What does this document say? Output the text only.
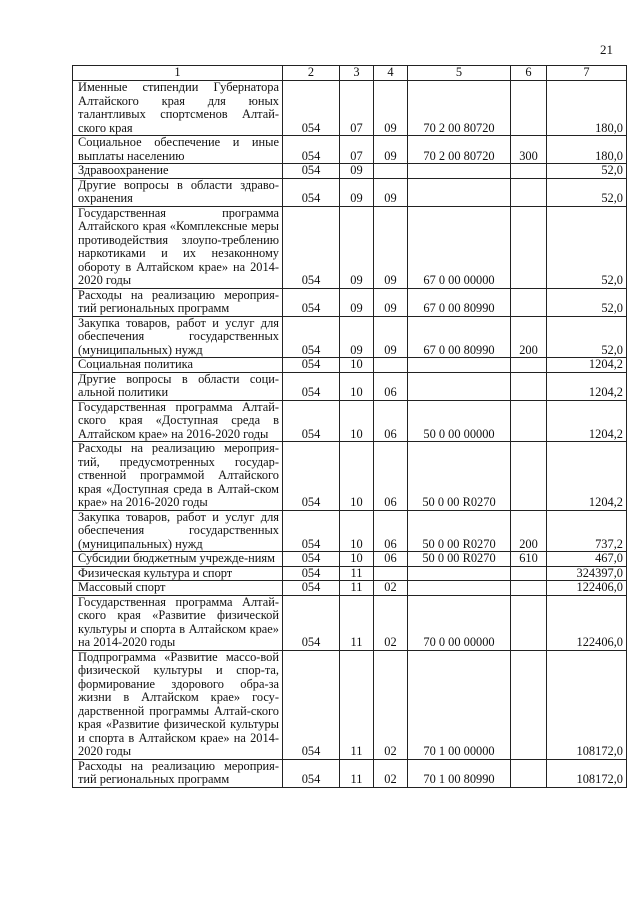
21
1	2	3	4	5	6	7
Именные стипендии Губернатора Алтайского края для юных талантливых спортсменов Алтай-ского края	054	07	09	70 2 00 80720		180,0
Социальное обеспечение и иные выплаты населению	054	07	09	70 2 00 80720	300	180,0
Здравоохранение	054	09				52,0
Другие вопросы в области здраво-охранения	054	09	09			52,0
Государственная программа Алтайского края «Комплексные меры противодействия злоупо-треблению наркотиками и их незаконному обороту в Алтайском крае» на 2014-2020 годы	054	09	09	67 0 00 00000		52,0
Расходы на реализацию мероприя-тий региональных программ	054	09	09	67 0 00 80990		52,0
Закупка товаров, работ и услуг для обеспечения государственных (муниципальных) нужд	054	09	09	67 0 00 80990	200	52,0
Социальная политика	054	10				1204,2
Другие вопросы в области соци-альной политики	054	10	06			1204,2
Государственная программа Алтай-ского края «Доступная среда в Алтайском крае» на 2016-2020 годы	054	10	06	50 0 00 00000		1204,2
Расходы на реализацию мероприя-тий, предусмотренных государ-ственной программой Алтайского края «Доступная среда в Алтай-ском крае» на 2016-2020 годы	054	10	06	50 0 00 R0270		1204,2
Закупка товаров, работ и услуг для обеспечения государственных (муниципальных) нужд	054	10	06	50 0 00 R0270	200	737,2
Субсидии бюджетным учрежде-ниям	054	10	06	50 0 00 R0270	610	467,0
Физическая культура и спорт	054	11				324397,0
Массовый спорт	054	11	02			122406,0
Государственная программа Алтай-ского края «Развитие физической культуры и спорта в Алтайском крае» на 2014-2020 годы	054	11	02	70 0 00 00000		122406,0
Подпрограмма «Развитие массо-вой физической культуры и спор-та, формирование здорового обра-за жизни в Алтайском крае» госу-дарственной программы Алтай-ского края «Развитие физической культуры и спорта в Алтайском крае» на 2014-2020 годы	054	11	02	70 1 00 00000		108172,0
Расходы на реализацию мероприя-тий региональных программ	054	11	02	70 1 00 80990		108172,0
